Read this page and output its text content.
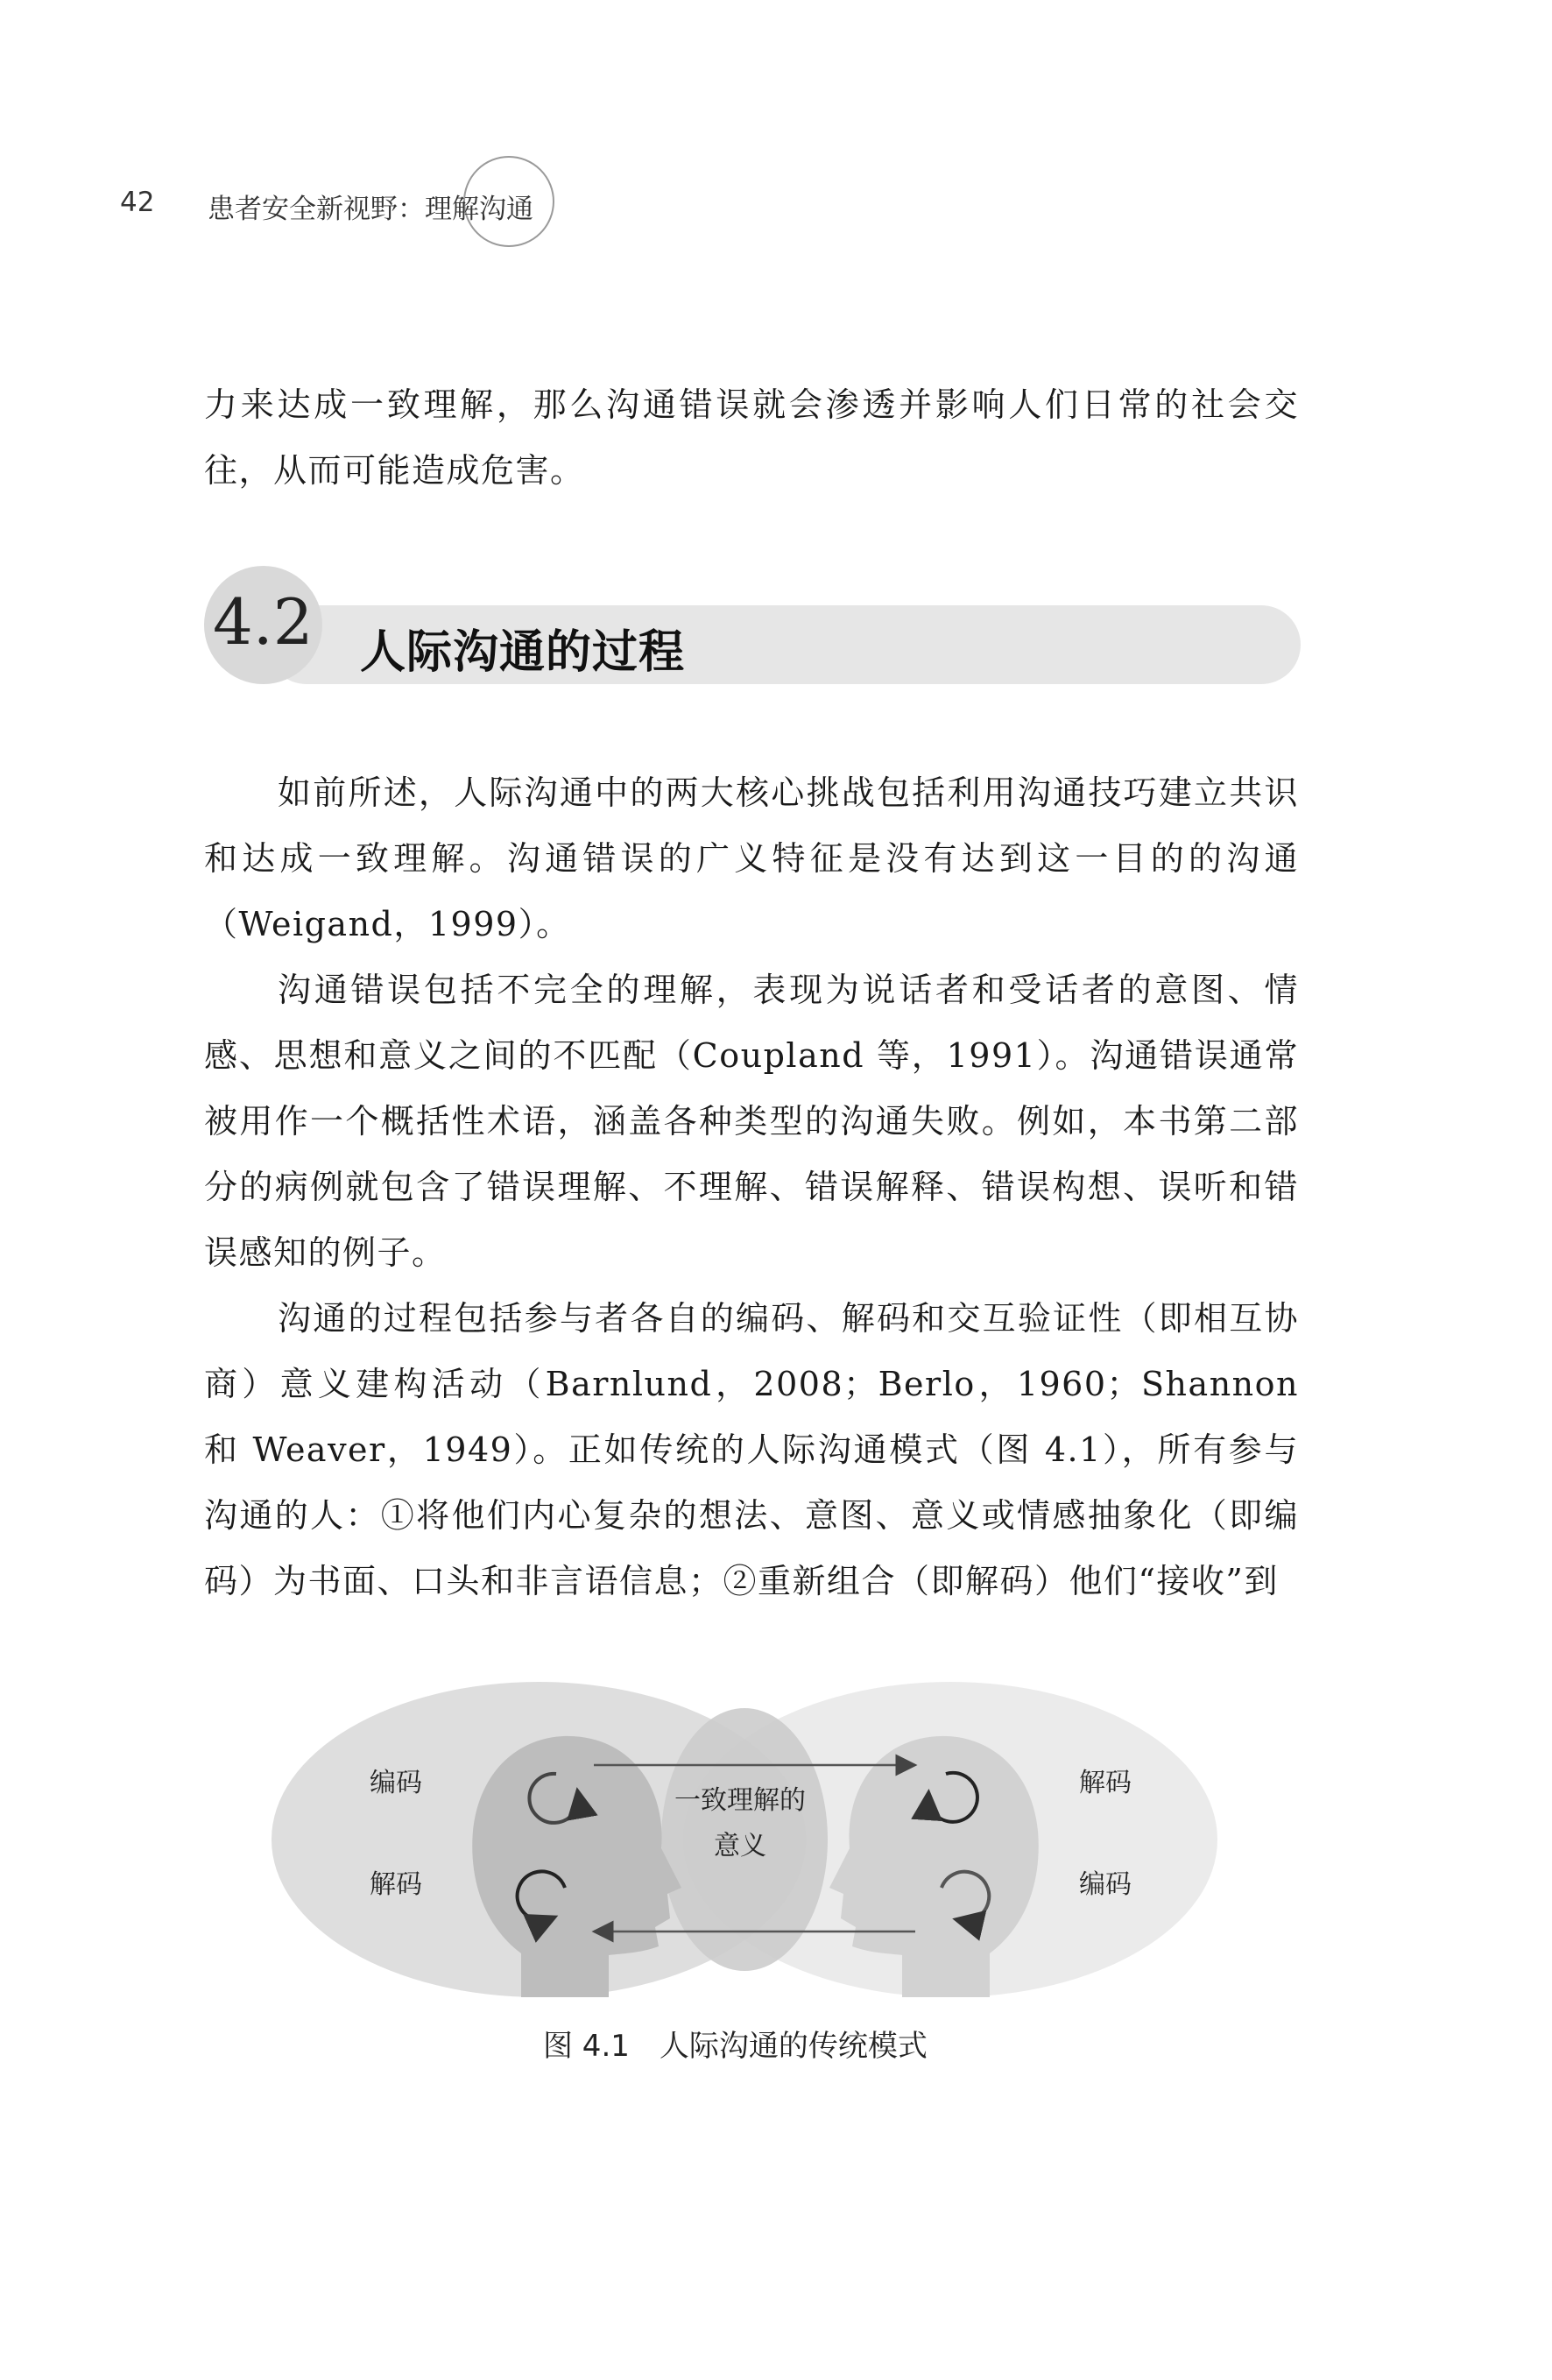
42	患者安全新视野：理解沟通

力来达成一致理解，那么沟通错误就会渗透并影响人们日常的社会交往，从而可能造成危害。

4.2 人际沟通的过程

如前所述，人际沟通中的两大核心挑战包括利用沟通技巧建立共识和达成一致理解。沟通错误的广义特征是没有达到这一目的的沟通（Weigand，1999）。

沟通错误包括不完全的理解，表现为说话者和受话者的意图、情感、思想和意义之间的不匹配（Coupland 等，1991）。沟通错误通常被用作一个概括性术语，涵盖各种类型的沟通失败。例如，本书第二部分的病例就包含了错误理解、不理解、错误解释、错误构想、误听和错误感知的例子。

沟通的过程包括参与者各自的编码、解码和交互验证性（即相互协商）意义建构活动（Barnlund，2008；Berlo，1960；Shannon 和 Weaver，1949）。正如传统的人际沟通模式（图 4.1），所有参与沟通的人：①将他们内心复杂的想法、意图、意义或情感抽象化（即编码）为书面、口头和非言语信息；②重新组合（即解码）他们“接收”到

编码
解码
解码
编码
一致理解的
意义
图 4.1 人际沟通的传统模式
